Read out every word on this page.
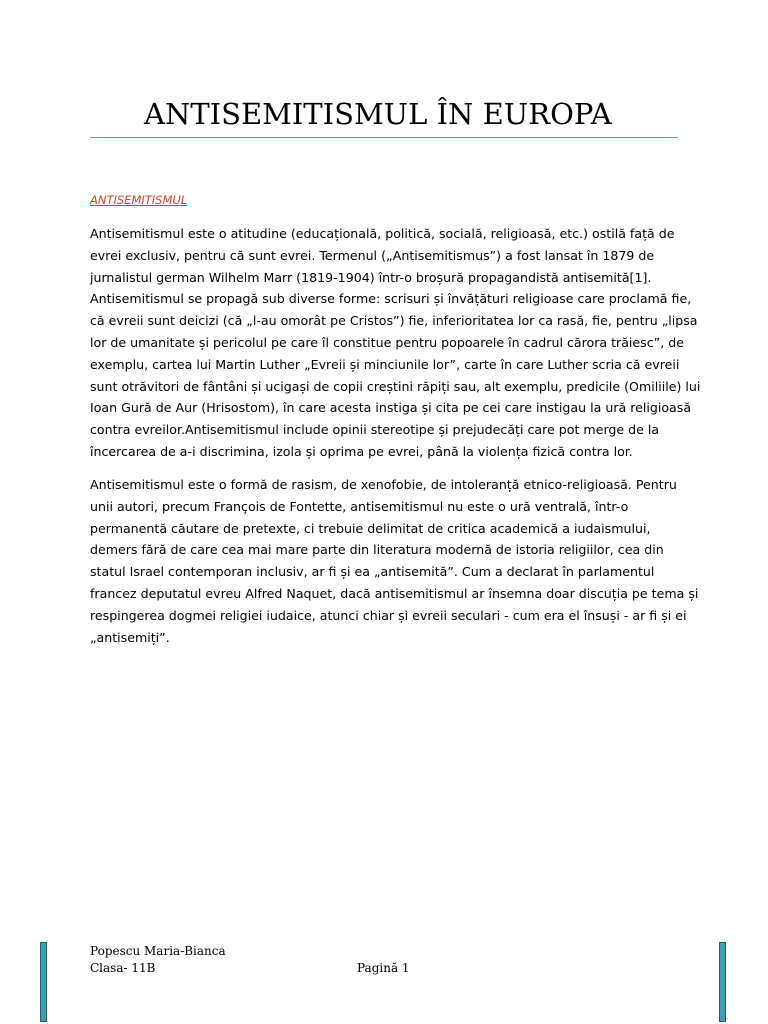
ANTISEMITISMUL ÎN EUROPA

ANTISEMITISMUL

Antisemitismul este o atitudine (educațională, politică, socială, religioasă, etc.) ostilă față de
evrei exclusiv, pentru că sunt evrei. Termenul („Antisemitismus”) a fost lansat în 1879 de
jurnalistul german Wilhelm Marr (1819-1904) într-o broșură propagandistă antisemită[1].
Antisemitismul se propagă sub diverse forme: scrisuri și învățături religioase care proclamă fie,
că evreii sunt deicizi (că „l-au omorât pe Cristos”) fie, inferioritatea lor ca rasă, fie, pentru „lipsa
lor de umanitate și pericolul pe care îl constitue pentru popoarele în cadrul cărora trăiesc”, de
exemplu, cartea lui Martin Luther „Evreii și minciunile lor”, carte în care Luther scria că evreii
sunt otrăvitori de fântâni și ucigași de copii creștini răpiți sau, alt exemplu, predicile (Omiliile) lui
Ioan Gură de Aur (Hrisostom), în care acesta instiga și cita pe cei care instigau la ură religioasă
contra evreilor.Antisemitismul include opinii stereotipe și prejudecăți care pot merge de la
încercarea de a-i discrimina, izola și oprima pe evrei, până la violența fizică contra lor.
Antisemitismul este o formă de rasism, de xenofobie, de intoleranță etnico-religioasă. Pentru
unii autori, precum François de Fontette, antisemitismul nu este o ură ventrală, într-o
permanentă căutare de pretexte, ci trebuie delimitat de critica academică a iudaismului,
demers fără de care cea mai mare parte din literatura modernă de istoria religiilor, cea din
statul Israel contemporan inclusiv, ar fi și ea „antisemită”. Cum a declarat în parlamentul
francez deputatul evreu Alfred Naquet, dacă antisemitismul ar însemna doar discuția pe tema și
respingerea dogmei religiei iudaice, atunci chiar și evreii seculari - cum era el însuși - ar fi și ei
„antisemiți”.
Popescu Maria-Bianca
Clasa- 11B	Pagină 1
